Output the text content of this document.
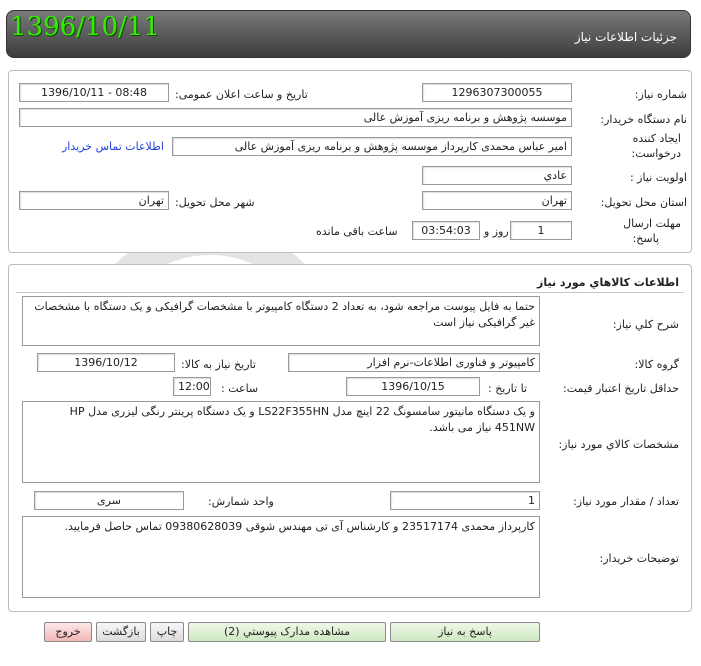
1396/10/11	جزئيات اطلاعات نياز
شماره نياز:
1296307300055
تاريخ و ساعت اعلان عمومی:
1396/10/11 - 08:48
نام دستگاه خريدار:
موسسه پژوهش و برنامه ريزی آموزش عالی
ايجاد کننده
درخواست:
امير عباس محمدی کارپرداز موسسه پژوهش و برنامه ريزی آموزش عالی
اطلاعات تماس خريدار
اولويت نياز :
عادي
استان محل تحويل:
تهران
شهر محل تحويل:
تهران
مهلت ارسال
پاسخ:
1
روز و
03:54:03
ساعت باقی مانده
اطلاعات کالاهاي مورد نياز
شرح کلي نياز:
حتما به فايل پيوست مراجعه شود، به تعداد 2 دستگاه کامپيوتر با مشخصات گرافيکی و يک دستگاه با مشخصات غير گرافيکی نياز است
گروه کالا:
کامپيوتر و فناوری اطلاعات-نرم افزار
تاريخ نياز به کالا:
1396/10/12
حداقل تاريخ اعتبار قيمت:
تا تاريخ :
1396/10/15
ساعت :
12:00
مشخصات کالاي مورد نياز:
و يک دستگاه مانيتور سامسونگ 22 اينچ مدل LS22F355HN و يک دستگاه پرينتر رنگی ليزری مدل HP 451NW نياز می باشد.
تعداد / مقدار مورد نياز:
1
واحد شمارش:
سری
توضيحات خريدار:
کارپرداز محمدی 23517174 و کارشناس آی تی مهندس شوقی 09380628039 تماس حاصل فرماييد.
پاسخ به نياز
مشاهده مدارک پيوستي (2)
چاپ
بازگشت
خروج
